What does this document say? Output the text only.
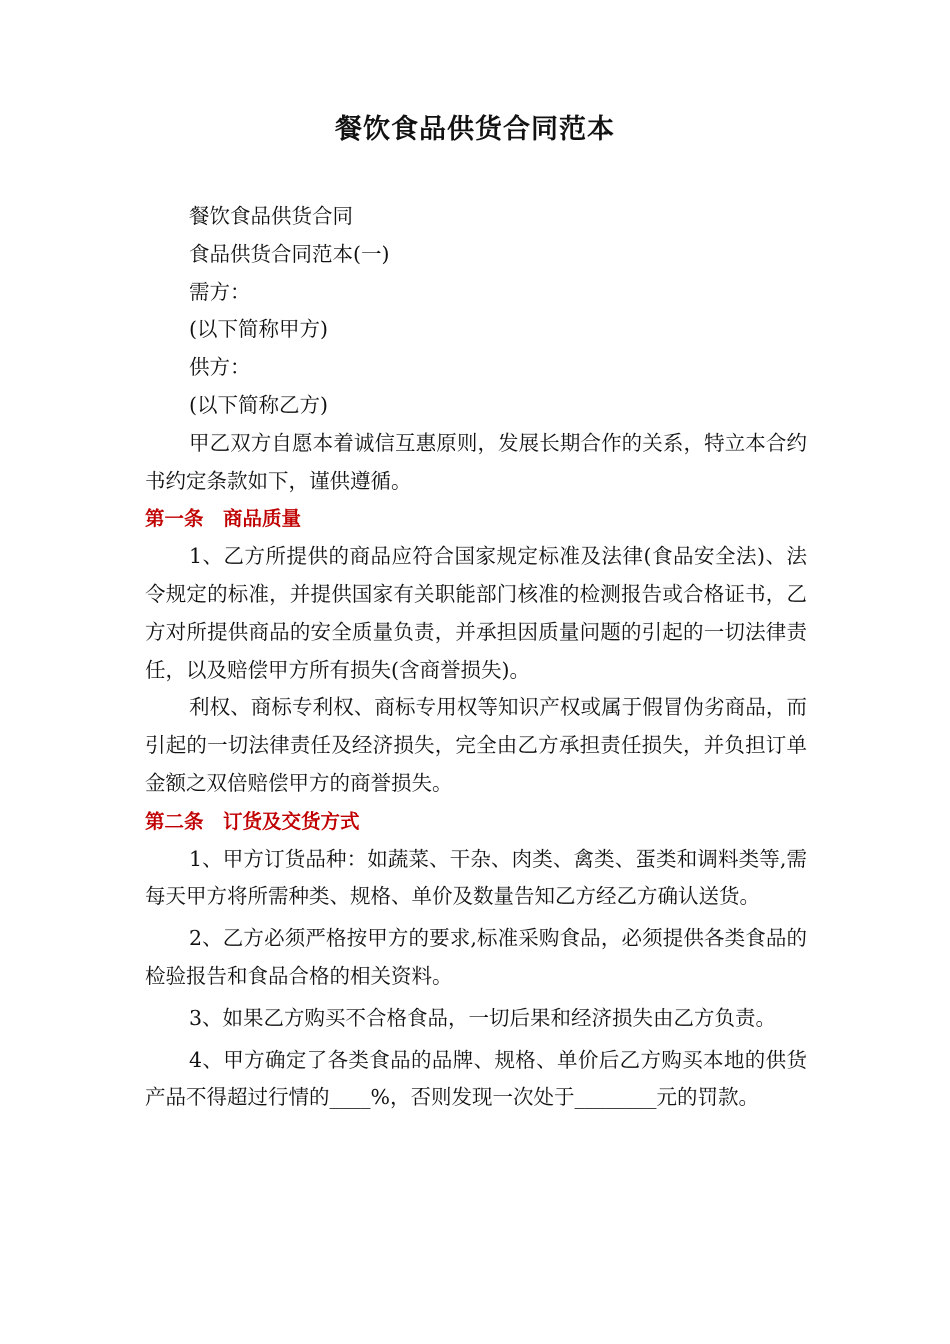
餐饮食品供货合同范本

餐饮食品供货合同

食品供货合同范本(一)

需方：

(以下简称甲方)

供方：

(以下简称乙方)

甲乙双方自愿本着诚信互惠原则，发展长期合作的关系，特立本合约书约定条款如下，谨供遵循。

第一条　商品质量

1、乙方所提供的商品应符合国家规定标准及法律(食品安全法)、法令规定的标准，并提供国家有关职能部门核准的检测报告或合格证书，乙方对所提供商品的安全质量负责，并承担因质量问题的引起的一切法律责任，以及赔偿甲方所有损失(含商誉损失)。

利权、商标专利权、商标专用权等知识产权或属于假冒伪劣商品，而引起的一切法律责任及经济损失，完全由乙方承担责任损失，并负担订单金额之双倍赔偿甲方的商誉损失。

第二条　订货及交货方式

1、甲方订货品种：如蔬菜、干杂、肉类、禽类、蛋类和调料类等,需每天甲方将所需种类、规格、单价及数量告知乙方经乙方确认送货。

2、乙方必须严格按甲方的要求,标准采购食品，必须提供各类食品的检验报告和食品合格的相关资料。

3、如果乙方购买不合格食品，一切后果和经济损失由乙方负责。

4、甲方确定了各类食品的品牌、规格、单价后乙方购买本地的供货产品不得超过行情的____%，否则发现一次处于________元的罚款。
